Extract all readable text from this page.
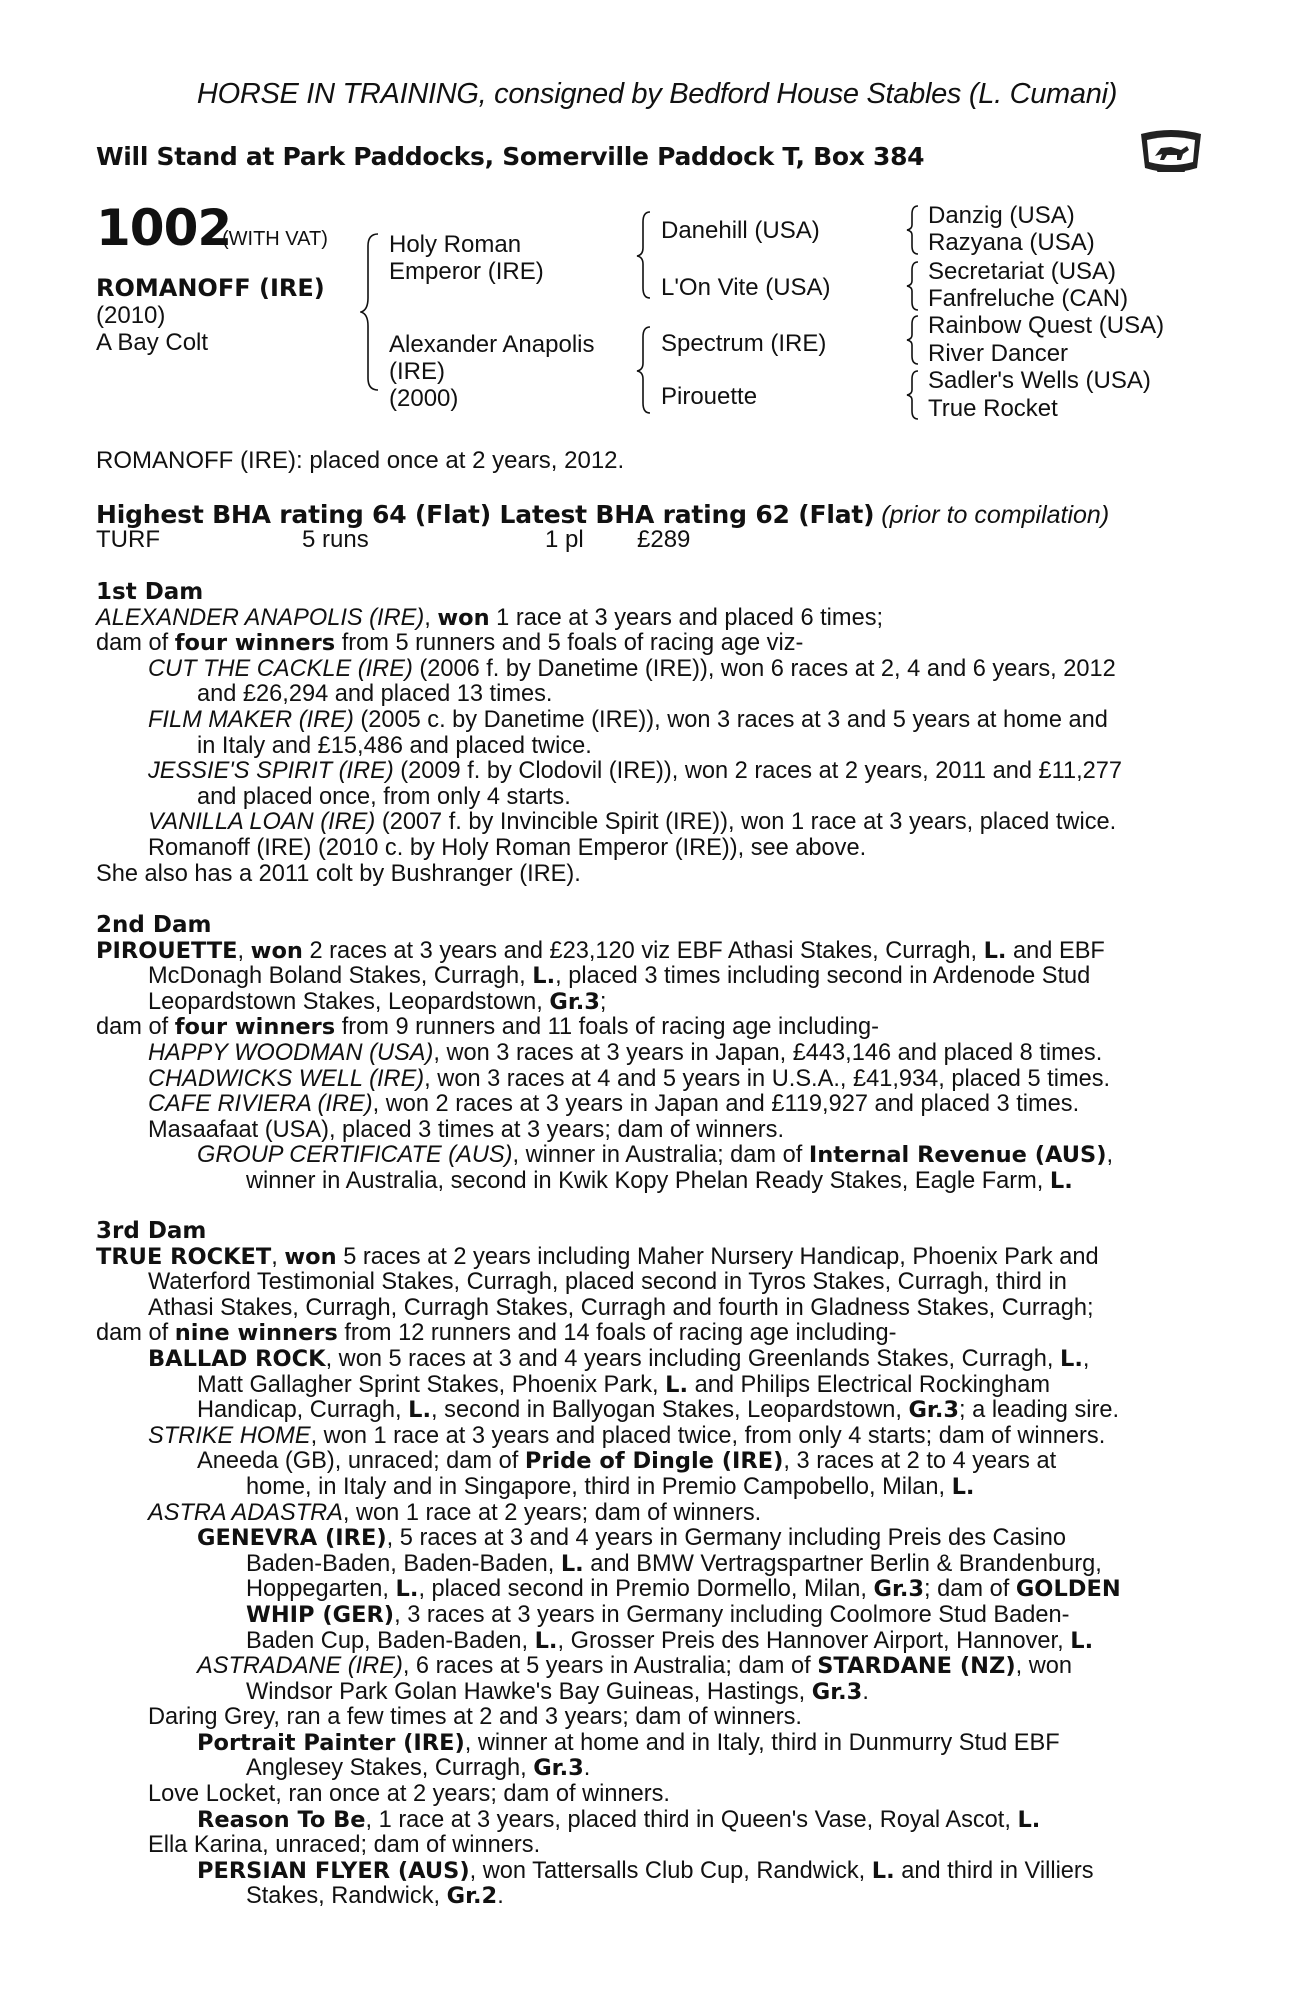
HORSE IN TRAINING, consigned by Bedford House Stables (L. Cumani)
Will Stand at Park Paddocks, Somerville Paddock T, Box 384
1002
(WITH VAT)
ROMANOFF (IRE)
(2010)
A Bay Colt
Holy Roman
Emperor (IRE)
Alexander Anapolis
(IRE)
(2000)
Danehill (USA)
L'On Vite (USA)
Spectrum (IRE)
Pirouette
Danzig (USA)
Razyana (USA)
Secretariat (USA)
Fanfreluche (CAN)
Rainbow Quest (USA)
River Dancer
Sadler's Wells (USA)
True Rocket
ROMANOFF (IRE): placed once at 2 years, 2012.
Highest BHA rating 64 (Flat) Latest BHA rating 62 (Flat) (prior to compilation)
TURF	5 runs	1 pl £289
1st Dam
ALEXANDER ANAPOLIS (IRE), won 1 race at 3 years and placed 6 times;
dam of four winners from 5 runners and 5 foals of racing age viz-
CUT THE CACKLE (IRE) (2006 f. by Danetime (IRE)), won 6 races at 2, 4 and 6 years, 2012
and £26,294 and placed 13 times.
FILM MAKER (IRE) (2005 c. by Danetime (IRE)), won 3 races at 3 and 5 years at home and
in Italy and £15,486 and placed twice.
JESSIE'S SPIRIT (IRE) (2009 f. by Clodovil (IRE)), won 2 races at 2 years, 2011 and £11,277
and placed once, from only 4 starts.
VANILLA LOAN (IRE) (2007 f. by Invincible Spirit (IRE)), won 1 race at 3 years, placed twice.
Romanoff (IRE) (2010 c. by Holy Roman Emperor (IRE)), see above.
She also has a 2011 colt by Bushranger (IRE).
2nd Dam
PIROUETTE, won 2 races at 3 years and £23,120 viz EBF Athasi Stakes, Curragh, L. and EBF
McDonagh Boland Stakes, Curragh, L., placed 3 times including second in Ardenode Stud
Leopardstown Stakes, Leopardstown, Gr.3;
dam of four winners from 9 runners and 11 foals of racing age including-
HAPPY WOODMAN (USA), won 3 races at 3 years in Japan, £443,146 and placed 8 times.
CHADWICKS WELL (IRE), won 3 races at 4 and 5 years in U.S.A., £41,934, placed 5 times.
CAFE RIVIERA (IRE), won 2 races at 3 years in Japan and £119,927 and placed 3 times.
Masaafaat (USA), placed 3 times at 3 years; dam of winners.
GROUP CERTIFICATE (AUS), winner in Australia; dam of Internal Revenue (AUS),
winner in Australia, second in Kwik Kopy Phelan Ready Stakes, Eagle Farm, L.
3rd Dam
TRUE ROCKET, won 5 races at 2 years including Maher Nursery Handicap, Phoenix Park and
Waterford Testimonial Stakes, Curragh, placed second in Tyros Stakes, Curragh, third in
Athasi Stakes, Curragh, Curragh Stakes, Curragh and fourth in Gladness Stakes, Curragh;
dam of nine winners from 12 runners and 14 foals of racing age including-
BALLAD ROCK, won 5 races at 3 and 4 years including Greenlands Stakes, Curragh, L.,
Matt Gallagher Sprint Stakes, Phoenix Park, L. and Philips Electrical Rockingham
Handicap, Curragh, L., second in Ballyogan Stakes, Leopardstown, Gr.3; a leading sire.
STRIKE HOME, won 1 race at 3 years and placed twice, from only 4 starts; dam of winners.
Aneeda (GB), unraced; dam of Pride of Dingle (IRE), 3 races at 2 to 4 years at
home, in Italy and in Singapore, third in Premio Campobello, Milan, L.
ASTRA ADASTRA, won 1 race at 2 years; dam of winners.
GENEVRA (IRE), 5 races at 3 and 4 years in Germany including Preis des Casino
Baden-Baden, Baden-Baden, L. and BMW Vertragspartner Berlin & Brandenburg,
Hoppegarten, L., placed second in Premio Dormello, Milan, Gr.3; dam of GOLDEN
WHIP (GER), 3 races at 3 years in Germany including Coolmore Stud Baden-
Baden Cup, Baden-Baden, L., Grosser Preis des Hannover Airport, Hannover, L.
ASTRADANE (IRE), 6 races at 5 years in Australia; dam of STARDANE (NZ), won
Windsor Park Golan Hawke's Bay Guineas, Hastings, Gr.3.
Daring Grey, ran a few times at 2 and 3 years; dam of winners.
Portrait Painter (IRE), winner at home and in Italy, third in Dunmurry Stud EBF
Anglesey Stakes, Curragh, Gr.3.
Love Locket, ran once at 2 years; dam of winners.
Reason To Be, 1 race at 3 years, placed third in Queen's Vase, Royal Ascot, L.
Ella Karina, unraced; dam of winners.
PERSIAN FLYER (AUS), won Tattersalls Club Cup, Randwick, L. and third in Villiers
Stakes, Randwick, Gr.2.
